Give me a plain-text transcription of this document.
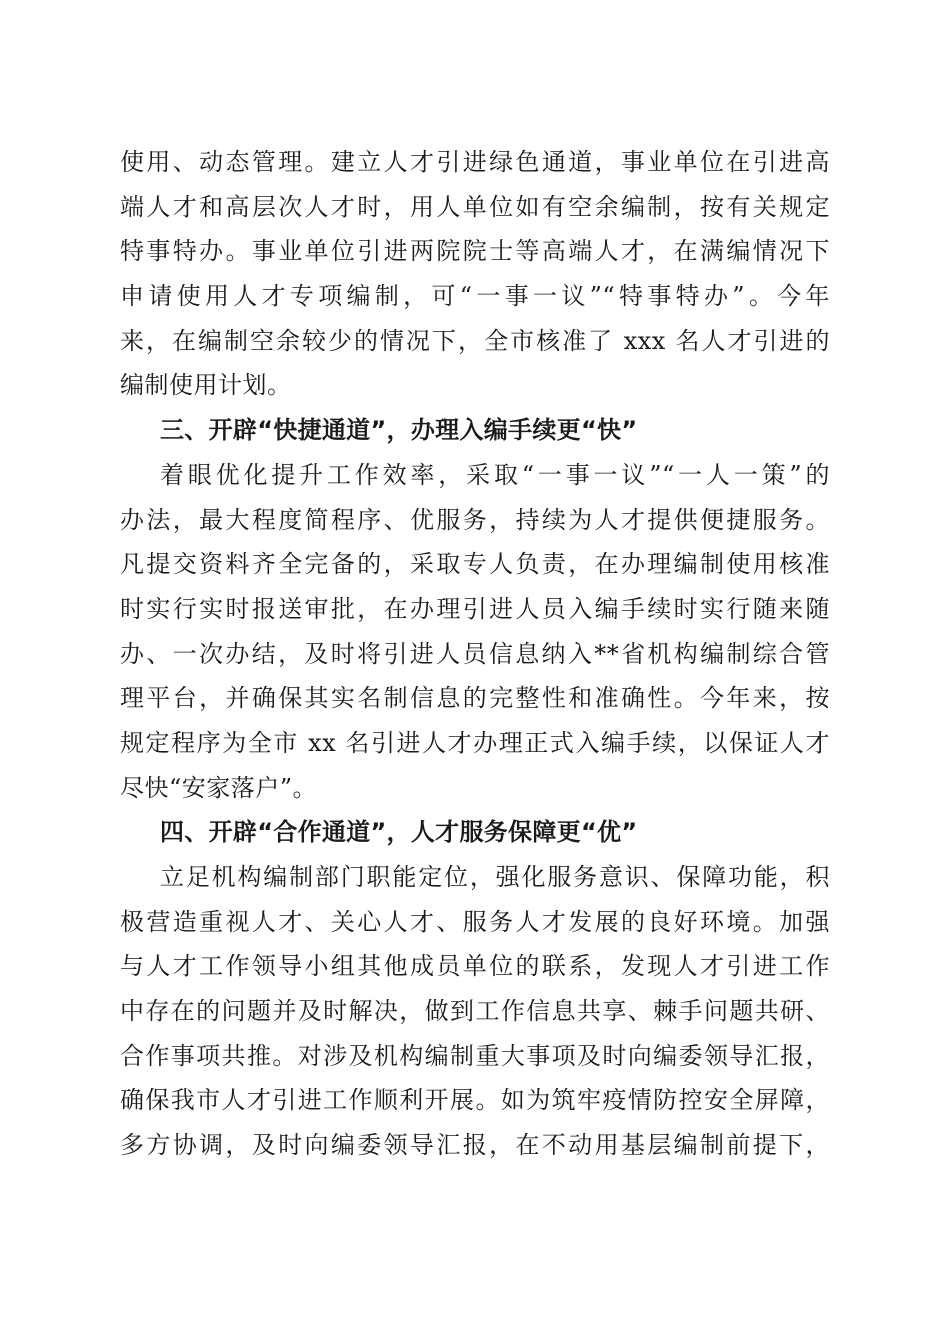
使用、动态管理。建立人才引进绿色通道，事业单位在引进高
端人才和高层次人才时，用人单位如有空余编制，按有关规定
特事特办。事业单位引进两院院士等高端人才，在满编情况下
申请使用人才专项编制，可“一事一议”“特事特办”。今年
来，在编制空余较少的情况下，全市核准了 xxx 名人才引进的
编制使用计划。
三、开辟“快捷通道”，办理入编手续更“快”
着眼优化提升工作效率，采取“一事一议”“一人一策”的
办法，最大程度简程序、优服务，持续为人才提供便捷服务。
凡提交资料齐全完备的，采取专人负责，在办理编制使用核准
时实行实时报送审批，在办理引进人员入编手续时实行随来随
办、一次办结，及时将引进人员信息纳入**省机构编制综合管
理平台，并确保其实名制信息的完整性和准确性。今年来，按
规定程序为全市 xx 名引进人才办理正式入编手续，以保证人才
尽快“安家落户”。
四、开辟“合作通道”，人才服务保障更“优”
立足机构编制部门职能定位，强化服务意识、保障功能，积
极营造重视人才、关心人才、服务人才发展的良好环境。加强
与人才工作领导小组其他成员单位的联系，发现人才引进工作
中存在的问题并及时解决，做到工作信息共享、棘手问题共研、
合作事项共推。对涉及机构编制重大事项及时向编委领导汇报，
确保我市人才引进工作顺利开展。如为筑牢疫情防控安全屏障，
多方协调，及时向编委领导汇报，在不动用基层编制前提下，
